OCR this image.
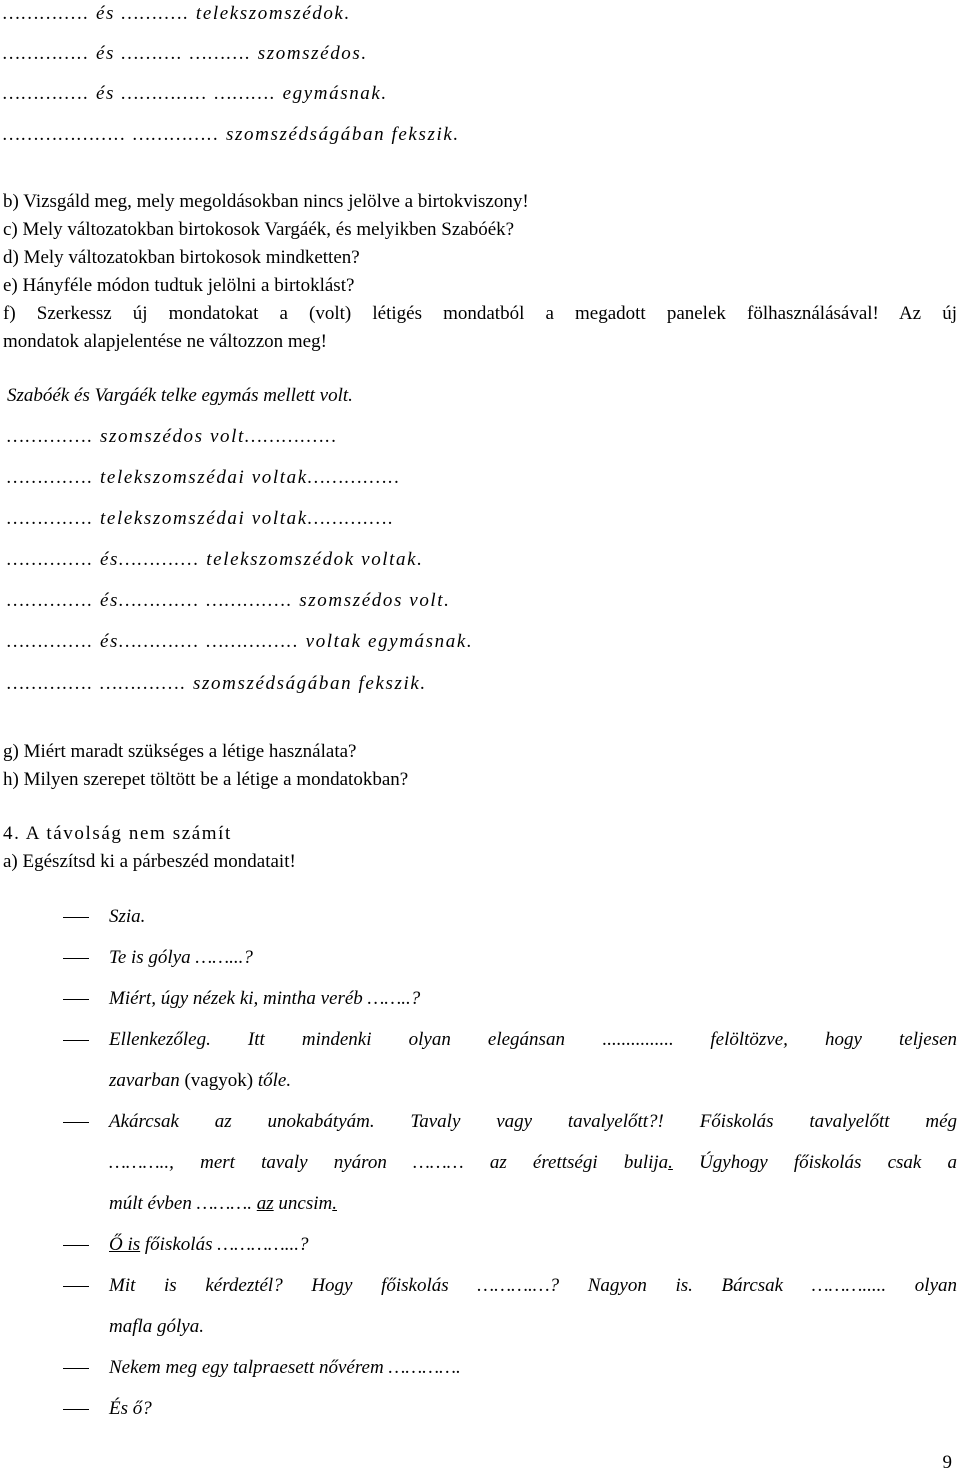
……….…. és …….…. telekszomszédok.
………….. és ………. ………. szomszédos.
……….…. és ………….. ………. egymásnak.
……………….. ………….. szomszédságában fekszik.
b) Vizsgáld meg, mely megoldásokban nincs jelölve a birtokviszony!
c) Mely változatokban birtokosok Vargáék, és melyikben Szabóék?
d) Mely változatokban birtokosok mindketten?
e) Hányféle módon tudtuk jelölni a birtoklást?
f) Szerkessz új mondatokat a (volt) létigés mondatból a megadott panelek fölhasználásával! Az új
mondatok alapjelentése ne változzon meg!
Szabóék és Vargáék telke egymás mellett volt.
……….…. szomszédos volt……….…..
……….…. telekszomszédai voltak……….…..
……….…. telekszomszédai voltak……….….
……….…. és……….... telekszomszédok voltak.
……….…. és……….... ……….…. szomszédos volt.
……….…. és……….... ……….….. voltak egymásnak.
……….…. ……….…. szomszédságában fekszik.
g) Miért maradt szükséges a létige használata?
h) Milyen szerepet töltött be a létige a mondatokban?
4. A távolság nem számít
a) Egészítsd ki a párbeszéd mondatait!
Szia.
Te is gólya ……...?
Miért, úgy nézek ki, mintha veréb ……..?
Ellenkezőleg. Itt mindenki olyan elegánsan ............... felöltözve, hogy teljesen
zavarban (vagyok) tőle.
Akárcsak az unokabátyám. Tavaly vagy tavalyelőtt?! Főiskolás tavalyelőtt még
……….., mert tavaly nyáron ……… az érettségi bulija. Úgyhogy főiskolás csak a
múlt évben ………. az uncsim.
Ő is főiskolás …………...?
Mit is kérdeztél? Hogy főiskolás ……….…? Nagyon is. Bárcsak ………..... olyan
mafla gólya.
Nekem meg egy talpraesett nővérem ………….
És ő?
9
